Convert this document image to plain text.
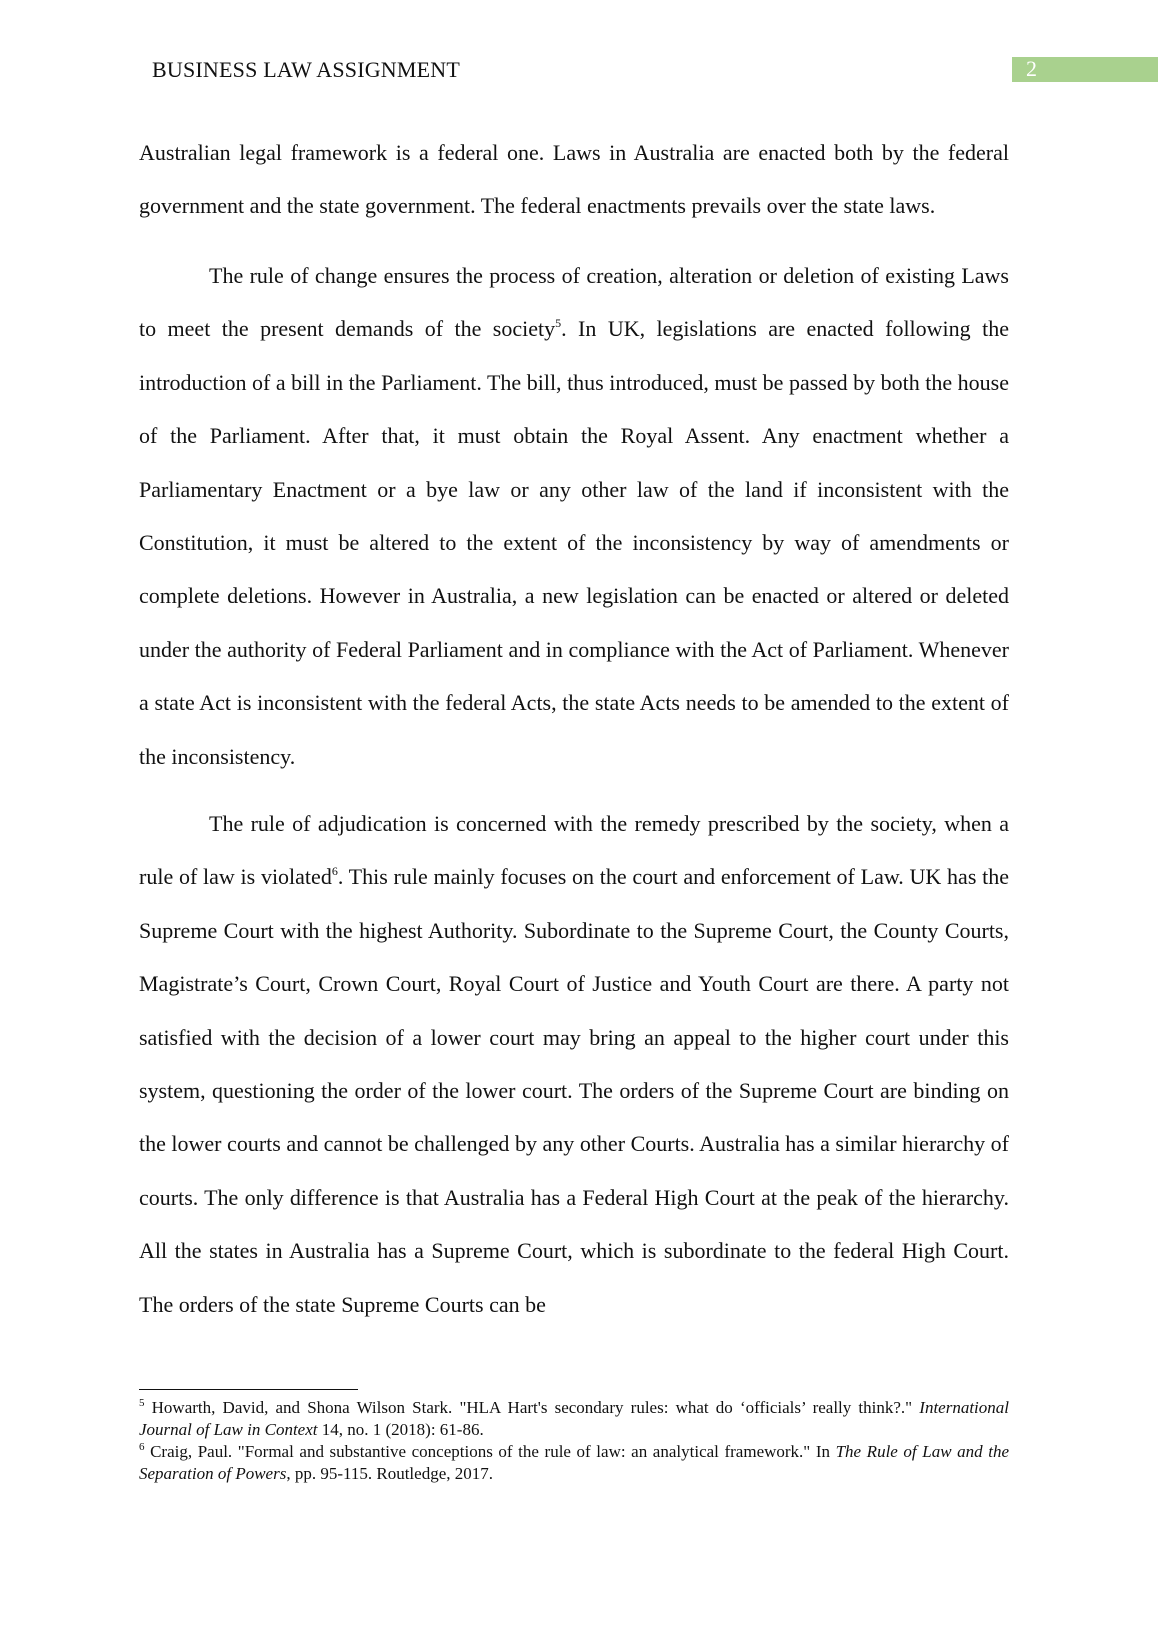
BUSINESS LAW ASSIGNMENT	2

Australian legal framework is a federal one. Laws in Australia are enacted both by the federal government and the state government. The federal enactments prevails over the state laws.

The rule of change ensures the process of creation, alteration or deletion of existing Laws to meet the present demands of the society$^5$. In UK, legislations are enacted following the introduction of a bill in the Parliament. The bill, thus introduced, must be passed by both the house of the Parliament. After that, it must obtain the Royal Assent. Any enactment whether a Parliamentary Enactment or a bye law or any other law of the land if inconsistent with the Constitution, it must be altered to the extent of the inconsistency by way of amendments or complete deletions. However in Australia, a new legislation can be enacted or altered or deleted under the authority of Federal Parliament and in compliance with the Act of Parliament. Whenever a state Act is inconsistent with the federal Acts, the state Acts needs to be amended to the extent of the inconsistency.

The rule of adjudication is concerned with the remedy prescribed by the society, when a rule of law is violated$^6$. This rule mainly focuses on the court and enforcement of Law. UK has the Supreme Court with the highest Authority. Subordinate to the Supreme Court, the County Courts, Magistrate’s Court, Crown Court, Royal Court of Justice and Youth Court are there. A party not satisfied with the decision of a lower court may bring an appeal to the higher court under this system, questioning the order of the lower court. The orders of the Supreme Court are binding on the lower courts and cannot be challenged by any other Courts. Australia has a similar hierarchy of courts. The only difference is that Australia has a Federal High Court at the peak of the hierarchy. All the states in Australia has a Supreme Court, which is subordinate to the federal High Court. The orders of the state Supreme Courts can be

$^5$ Howarth, David, and Shona Wilson Stark. "HLA Hart's secondary rules: what do ‘officials’ really think?." International Journal of Law in Context 14, no. 1 (2018): 61-86.

$^6$ Craig, Paul. "Formal and substantive conceptions of the rule of law: an analytical framework." In The Rule of Law and the Separation of Powers, pp. 95-115. Routledge, 2017.
